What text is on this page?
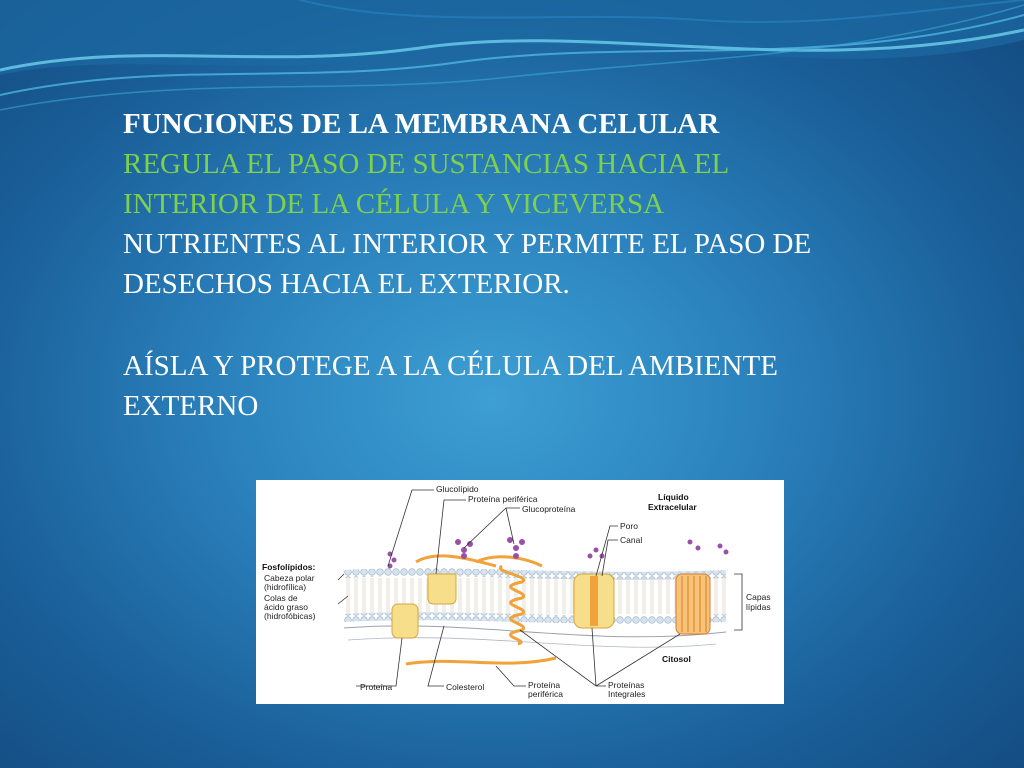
FUNCIONES DE LA MEMBRANA CELULAR
REGULA EL PASO DE SUSTANCIAS HACIA EL
INTERIOR DE LA CÉLULA Y VICEVERSA
NUTRIENTES AL INTERIOR Y PERMITE EL PASO DE
DESECHOS HACIA EL EXTERIOR.
AÍSLA Y PROTEGE A LA CÉLULA DEL AMBIENTE
EXTERNO
Glucolípido
Proteína periférica
Glucoproteína
Líquido
Extracelular
Poro
Canal
Fosfolípidos:
Cabeza polar
(hidrofílica)
Colas de
ácido graso
(hidrofóbicas)
Capas
lípidas
Citosol
Proteína	Colesterol	Proteína
periférica
Proteínas
Integrales
